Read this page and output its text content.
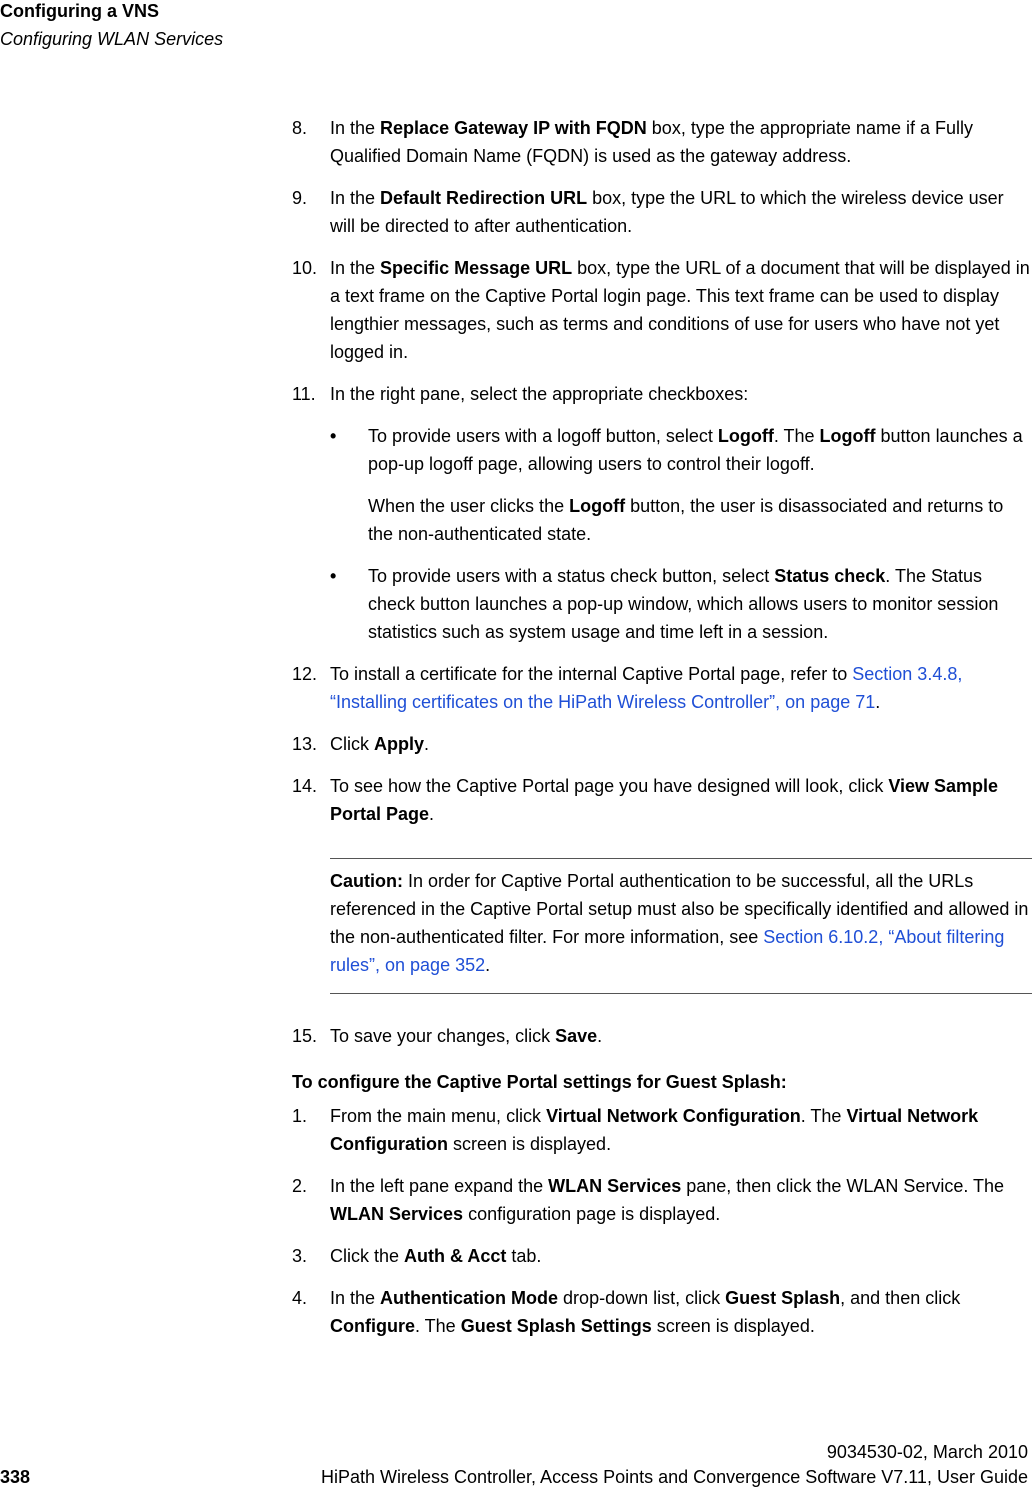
Configuring a VNS
Configuring WLAN Services
8.	In the Replace Gateway IP with FQDN box, type the appropriate name if a Fully Qualified Domain Name (FQDN) is used as the gateway address.
9.	In the Default Redirection URL box, type the URL to which the wireless device user will be directed to after authentication.
10. In the Specific Message URL box, type the URL of a document that will be displayed in a text frame on the Captive Portal login page. This text frame can be used to display lengthier messages, such as terms and conditions of use for users who have not yet logged in.
11. In the right pane, select the appropriate checkboxes:
•	To provide users with a logoff button, select Logoff. The Logoff button launches a pop-up logoff page, allowing users to control their logoff.
When the user clicks the Logoff button, the user is disassociated and returns to the non-authenticated state.
•	To provide users with a status check button, select Status check. The Status check button launches a pop-up window, which allows users to monitor session statistics such as system usage and time left in a session.
12. To install a certificate for the internal Captive Portal page, refer to Section 3.4.8, “Installing certificates on the HiPath Wireless Controller”, on page 71.
13. Click Apply.
14. To see how the Captive Portal page you have designed will look, click View Sample Portal Page.
Caution: In order for Captive Portal authentication to be successful, all the URLs referenced in the Captive Portal setup must also be specifically identified and allowed in the non-authenticated filter. For more information, see Section 6.10.2, “About filtering rules”, on page 352.
15. To save your changes, click Save.
To configure the Captive Portal settings for Guest Splash:
1.	From the main menu, click Virtual Network Configuration. The Virtual Network Configuration screen is displayed.
2.	In the left pane expand the WLAN Services pane, then click the WLAN Service. The WLAN Services configuration page is displayed.
3.	Click the Auth & Acct tab.
4.	In the Authentication Mode drop-down list, click Guest Splash, and then click Configure. The Guest Splash Settings screen is displayed.
9034530-02, March 2010
338	HiPath Wireless Controller, Access Points and Convergence Software V7.11, User Guide
